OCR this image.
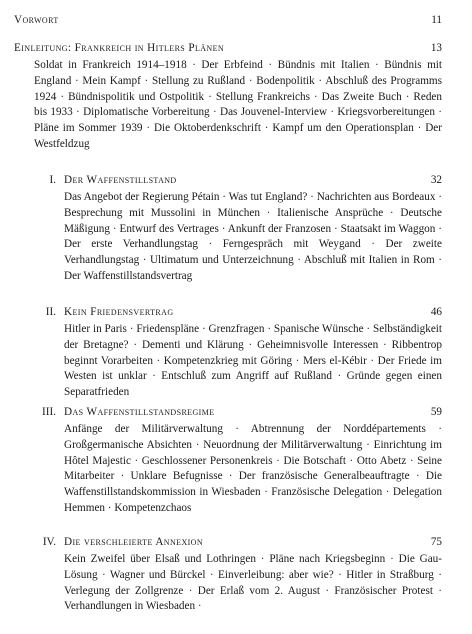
Vorwort	11
Einleitung: Frankreich in Hitlers Plänen	13

Soldat in Frankreich 1914–1918 · Der Erbfeind · Bündnis mit Italien · Bündnis mit England · Mein Kampf · Stellung zu Rußland · Bodenpolitik · Abschluß des Programms 1924 · Bündnispolitik und Ostpolitik · Stellung Frankreichs · Das Zweite Buch · Reden bis 1933 · Diplomatische Vorbereitung · Das Jouvenel-Interview · Kriegsvorbereitungen · Pläne im Sommer 1939 · Die Oktoberdenkschrift · Kampf um den Operationsplan · Der Westfeldzug

I. Der Waffenstillstand	32

Das Angebot der Regierung Pétain · Was tut England? · Nachrichten aus Bordeaux · Besprechung mit Mussolini in München · Italienische Ansprüche · Deutsche Mäßigung · Entwurf des Vertrages · Ankunft der Franzosen · Staatsakt im Waggon · Der erste Verhandlungstag · Ferngespräch mit Weygand · Der zweite Verhandlungstag · Ultimatum und Unterzeichnung · Abschluß mit Italien in Rom · Der Waffenstillstandsvertrag

II. Kein Friedensvertrag	46

Hitler in Paris · Friedenspläne · Grenzfragen · Spanische Wünsche · Selbständigkeit der Bretagne? · Dementi und Klärung · Geheimnisvolle Interessen · Ribbentrop beginnt Vorarbeiten · Kompetenzkrieg mit Göring · Mers el-Kébir · Der Friede im Westen ist unklar · Entschluß zum Angriff auf Rußland · Gründe gegen einen Separatfrieden

III. Das Waffenstillstandsregime	59

Anfänge der Militärverwaltung · Abtrennung der Norddépartements · Großgermanische Absichten · Neuordnung der Militärverwaltung · Einrichtung im Hôtel Majestic · Geschlossener Personenkreis · Die Botschaft · Otto Abetz · Seine Mitarbeiter · Unklare Befugnisse · Der französische Generalbeauftragte · Die Waffenstillstandskommission in Wiesbaden · Französische Delegation · Delegation Hemmen · Kompetenzchaos

IV. Die verschleierte Annexion	75

Kein Zweifel über Elsaß und Lothringen · Pläne nach Kriegsbeginn · Die Gau-Lösung · Wagner und Bürckel · Einverleibung: aber wie? · Hitler in Straßburg · Verlegung der Zollgrenze · Der Erlaß vom 2. August · Französischer Protest · Verhandlungen in Wiesbaden ·
